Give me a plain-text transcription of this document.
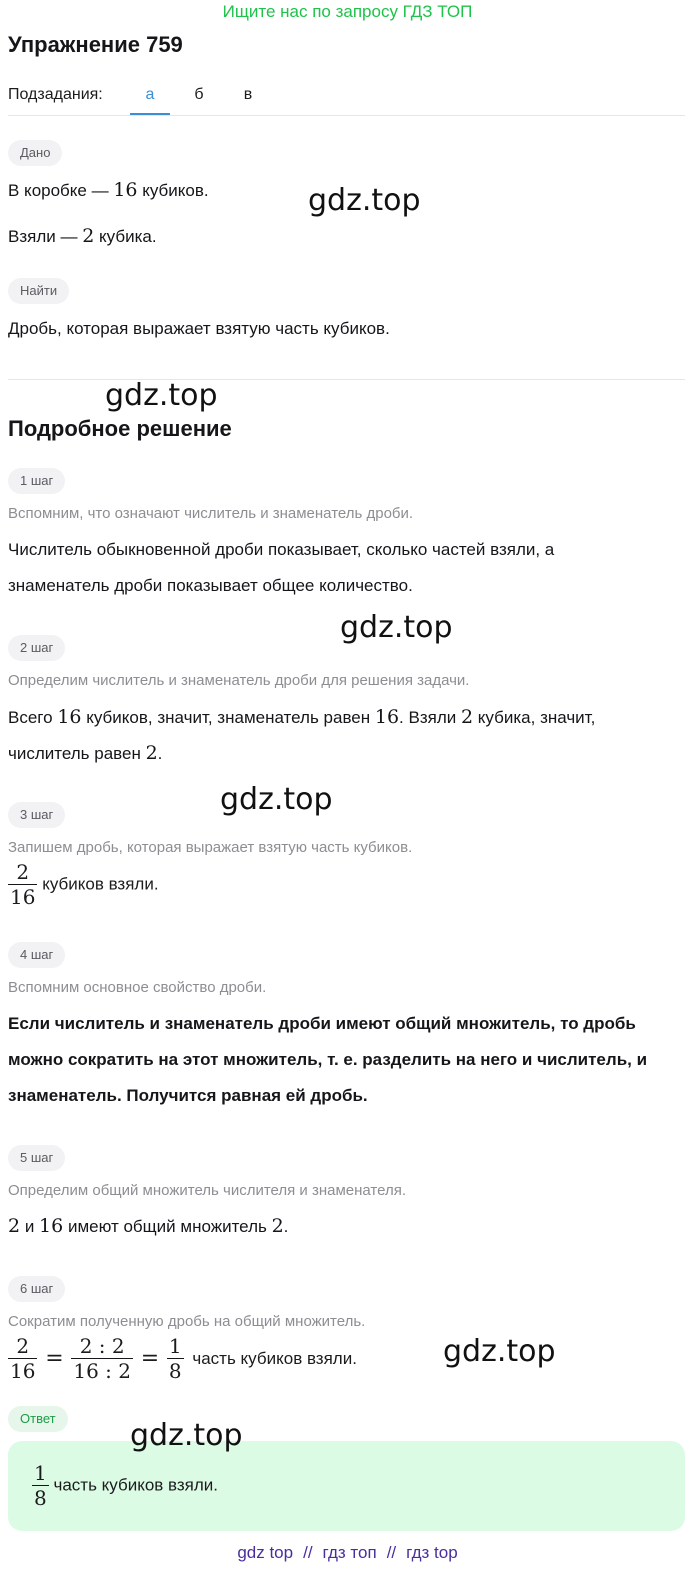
Ищите нас по запросу ГДЗ ТОП
Упражнение 759
Подзадания:	а	б	в
Дано
В коробке — 16 кубиков.
Взяли — 2 кубика.
Найти
Дробь, которая выражает взятую часть кубиков.
Подробное решение
1 шаг
Вспомним, что означают числитель и знаменатель дроби.
Числитель обыкновенной дроби показывает, сколько частей взяли, а
знаменатель дроби показывает общее количество.
2 шаг
Определим числитель и знаменатель дроби для решения задачи.
Всего 16 кубиков, значит, знаменатель равен 16. Взяли 2 кубика, значит,
числитель равен 2.
3 шаг
Запишем дробь, которая выражает взятую часть кубиков.
$\frac{2}{16}$ кубиков взяли.
4 шаг
Вспомним основное свойство дроби.
Если числитель и знаменатель дроби имеют общий множитель, то дробь
можно сократить на этот множитель, т. е. разделить на него и числитель, и
знаменатель. Получится равная ей дробь.
5 шаг
Определим общий множитель числителя и знаменателя.
2 и 16 имеют общий множитель 2.
6 шаг
Сократим полученную дробь на общий множитель.
$\frac{2}{16} = \frac{2 : 2}{16 : 2} = \frac{1}{8}$ часть кубиков взяли.
Ответ
$\frac{1}{8}$ часть кубиков взяли.
gdz.top
gdz.top
gdz.top
gdz.top
gdz.top
gdz.top
gdz top // гдз топ // гдз top
